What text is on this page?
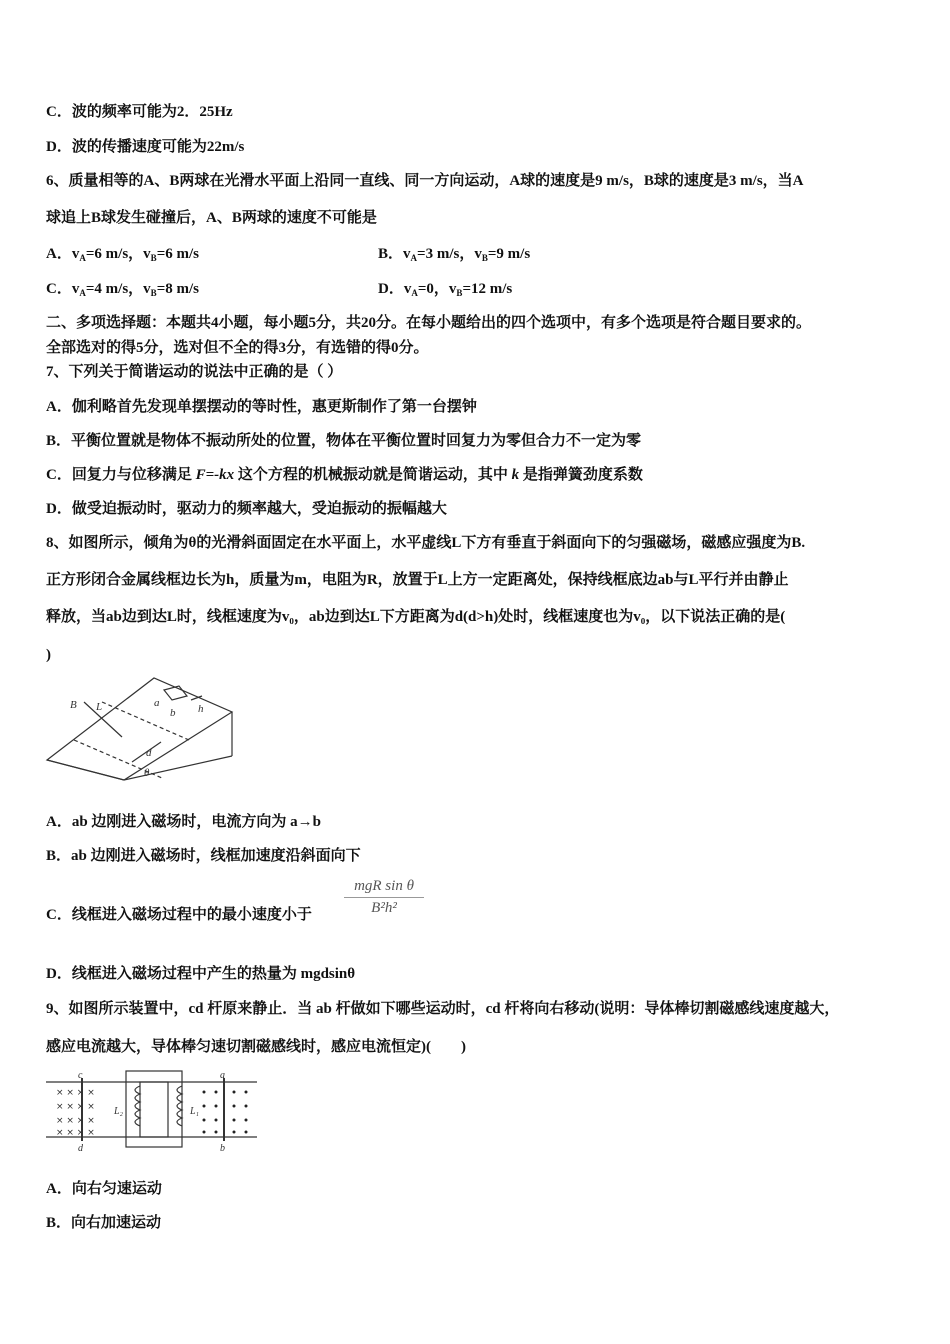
C．波的频率可能为2．25Hz
D．波的传播速度可能为22m/s
6、质量相等的A、B两球在光滑水平面上沿同一直线、同一方向运动，A球的速度是9 m/s，B球的速度是3 m/s，当A
球追上B球发生碰撞后，A、B两球的速度不可能是
A．$v_A=6$ m/s，$v_B=6$ m/s	B．$v_A=3$ m/s，$v_B=9$ m/s
C．$v_A=4$ m/s，$v_B=8$ m/s	D．$v_A=0$，$v_B=12$ m/s
二、多项选择题：本题共4小题，每小题5分，共20分。在每小题给出的四个选项中，有多个选项是符合题目要求的。
全部选对的得5分，选对但不全的得3分，有选错的得0分。
7、下列关于简谐运动的说法中正确的是（ ）
A．伽利略首先发现单摆摆动的等时性，惠更斯制作了第一台摆钟
B．平衡位置就是物体不振动所处的位置，物体在平衡位置时回复力为零但合力不一定为零
C．回复力与位移满足 F=-kx 这个方程的机械振动就是简谐运动，其中 k 是指弹簧劲度系数
D．做受迫振动时，驱动力的频率越大，受迫振动的振幅越大
8、如图所示，倾角为θ的光滑斜面固定在水平面上，水平虚线L下方有垂直于斜面向下的匀强磁场，磁感应强度为B.
正方形闭合金属线框边长为h，质量为m，电阻为R，放置于L上方一定距离处，保持线框底边ab与L平行并由静止
释放，当ab边到达L时，线框速度为v₀，ab边到达L下方距离为d(d>h)处时，线框速度也为v₀，以下说法正确的是(
)
B L	a
b h
d
θ
A．ab 边刚进入磁场时，电流方向为 a→b
B．ab 边刚进入磁场时，线框加速度沿斜面向下
C．线框进入磁场过程中的最小速度小于
mgR sin θ
B²h²
D．线框进入磁场过程中产生的热量为 mgdsinθ
9、如图所示装置中，cd 杆原来静止．当 ab 杆做如下哪些运动时，cd 杆将向右移动(说明：导体棒切割磁感线速度越大，
感应电流越大，导体棒匀速切割磁感线时，感应电流恒定)(　　)
× × × ×
× × × ×
× × × ×
× × × ×
c
d
L₂	L₁
a
b
A．向右匀速运动
B．向右加速运动
